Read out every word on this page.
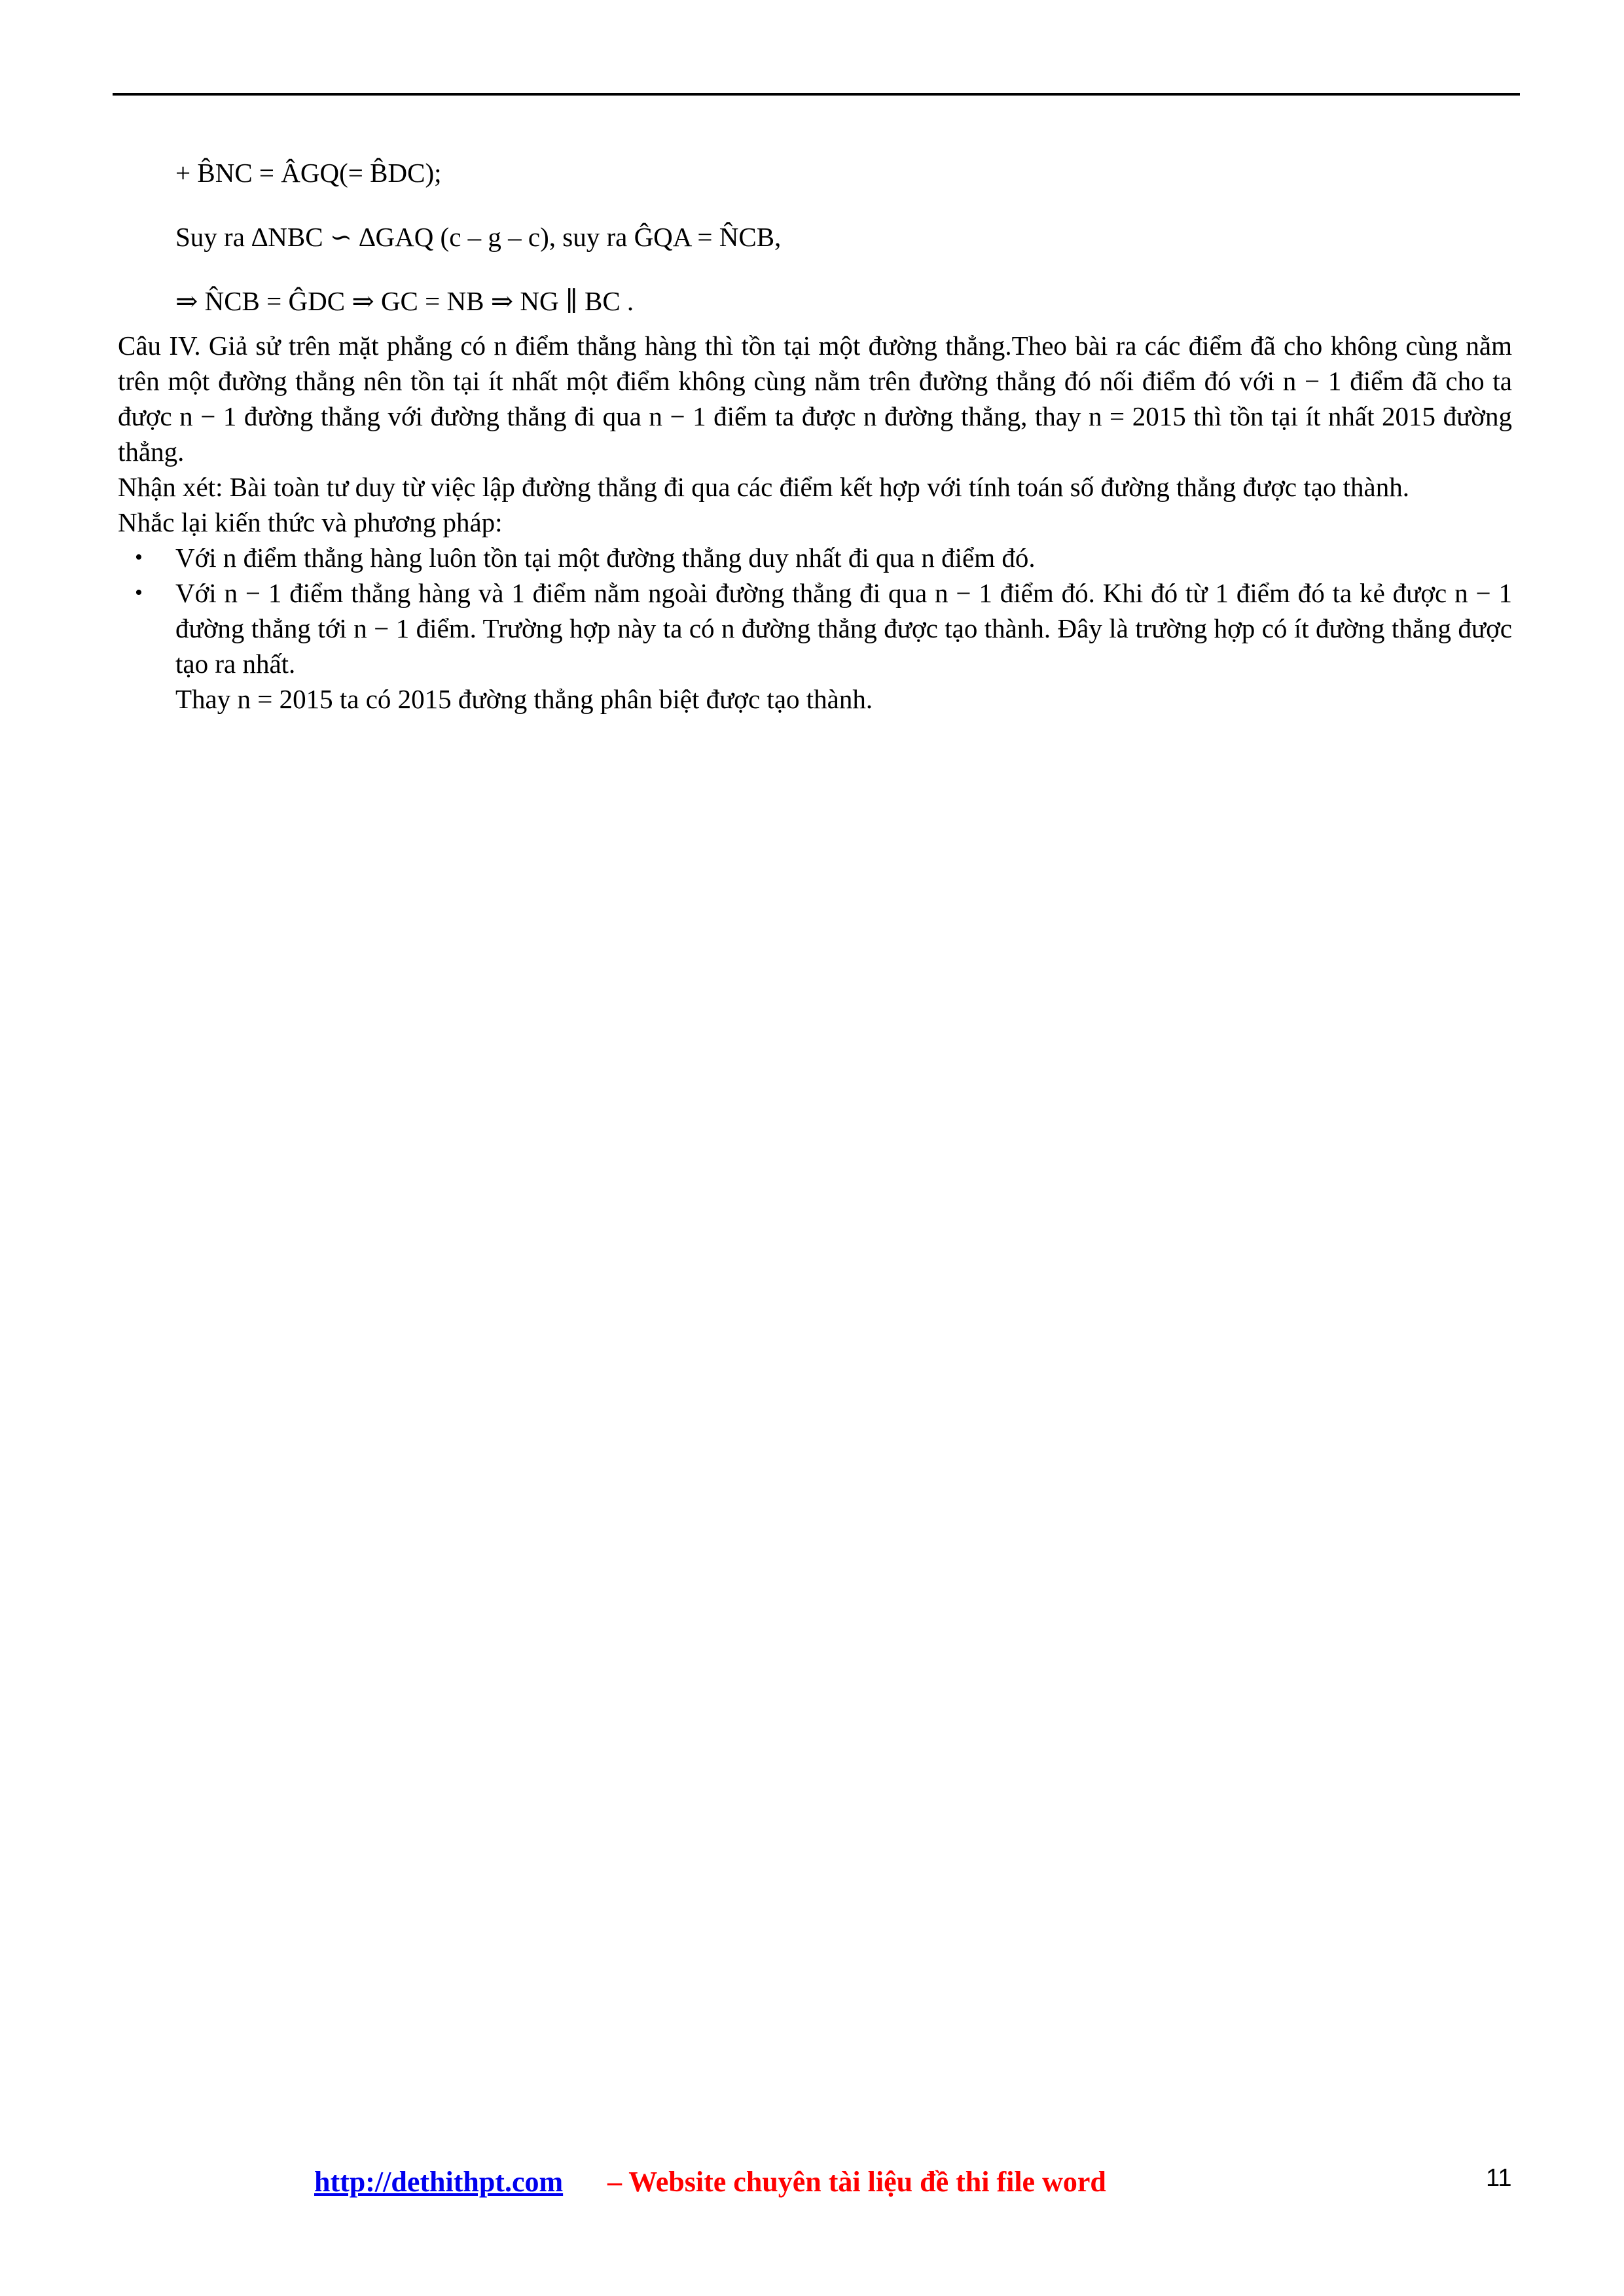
+ B̂NC = ÂGQ(= B̂DC);
Suy ra ∆NBC ∽ ∆GAQ (c – g – c), suy ra ĜQA = N̂CB,
⇒ N̂CB = ĜDC ⇒ GC = NB ⇒ NG ∥ BC .

Câu IV. Giả sử trên mặt phẳng có n điểm thẳng hàng thì tồn tại một đường thẳng.Theo bài ra các điểm đã cho không cùng nằm trên một đường thẳng nên tồn tại ít nhất một điểm không cùng nằm trên đường thẳng đó nối điểm đó với n − 1 điểm đã cho ta được n − 1 đường thẳng với đường thẳng đi qua n − 1 điểm ta được n đường thẳng, thay n = 2015 thì tồn tại ít nhất 2015 đường thẳng.

Nhận xét: Bài toàn tư duy từ việc lập đường thẳng đi qua các điểm kết hợp với tính toán số đường thẳng được tạo thành.

Nhắc lại kiến thức và phương pháp:

• Với n điểm thẳng hàng luôn tồn tại một đường thẳng duy nhất đi qua n điểm đó.
• Với n − 1 điểm thẳng hàng và 1 điểm nằm ngoài đường thẳng đi qua n − 1 điểm đó. Khi đó từ 1 điểm đó ta kẻ được n − 1 đường thẳng tới n − 1 điểm. Trường hợp này ta có n đường thẳng được tạo thành. Đây là trường hợp có ít đường thẳng được tạo ra nhất.
Thay n = 2015 ta có 2015 đường thẳng phân biệt được tạo thành.
http://dethithpt.com – Website chuyên tài liệu đề thi file word	11
